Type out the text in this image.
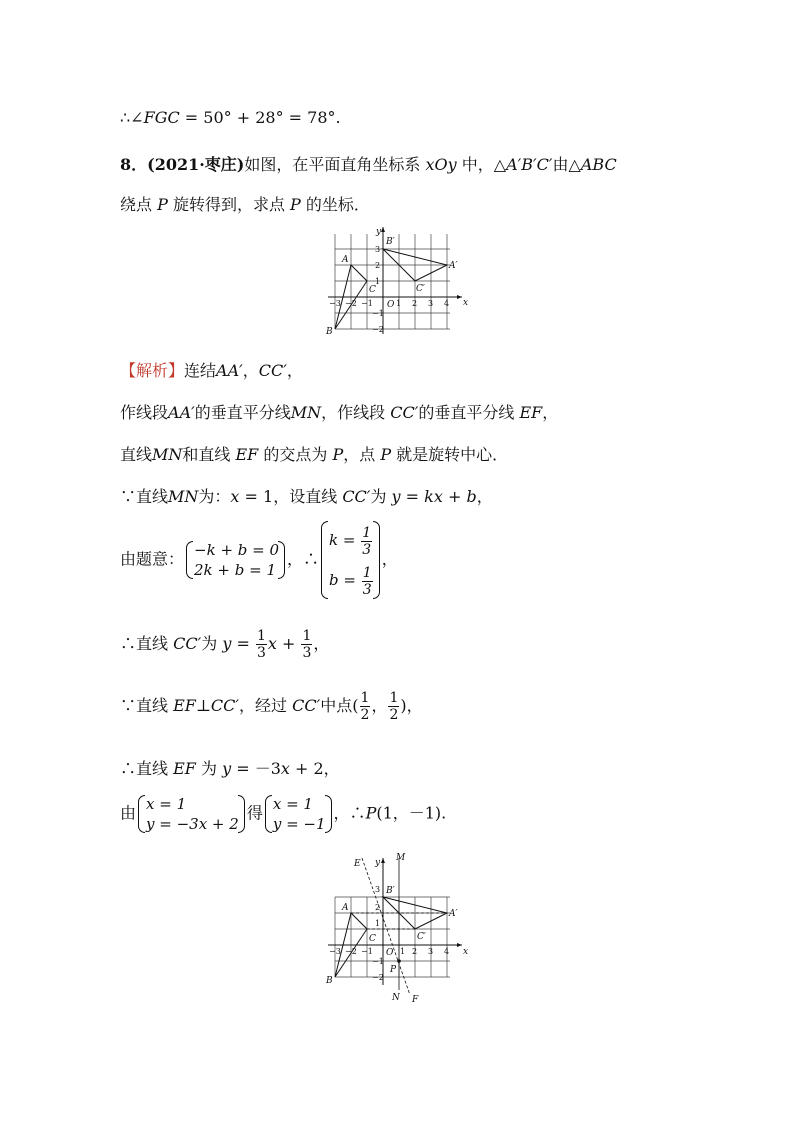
∴∠FGC = 50° + 28° = 78°.
8．(2021·枣庄)如图，在平面直角坐标系 xOy 中，△A′B′C′由△ABC
绕点 P 旋转得到，求点 P 的坐标．
y
x
O
A
B
C
A′
B′
C′
−3 −2 −1	1 2 3 4
3
2
1
−1
−2
【解析】连结AA′，CC′，
作线段AA′的垂直平分线MN，作线段 CC′的垂直平分线 EF，
直线MN和直线 EF 的交点为 P，点 P 就是旋转中心．
∵直线MN为：x = 1，设直线 CC′为 y = kx + b，
由题意： −k + b = 0
2k + b = 1
，∴
$k = \frac{1}{3}$
$b = \frac{1}{3}$
，
∴直线 CC′为 $y = \frac{1}{3}$ $x + \frac{1}{3}$ ，
∵直线 EF⊥CC′，经过 CC′中点( $\frac{1}{2}$ ， $\frac{1}{2}$ )，
∴直线 EF 为 y = －3x + 2，
由 x = 1
y = −3x + 2
得 x = 1
y = −1
，∴P(1，－1).
y
x
O
A
B
C
A′
B′
C′
E
F
M
N
P
−3 −2 −1	1 2 3 4
3
2
1
−1
−2
